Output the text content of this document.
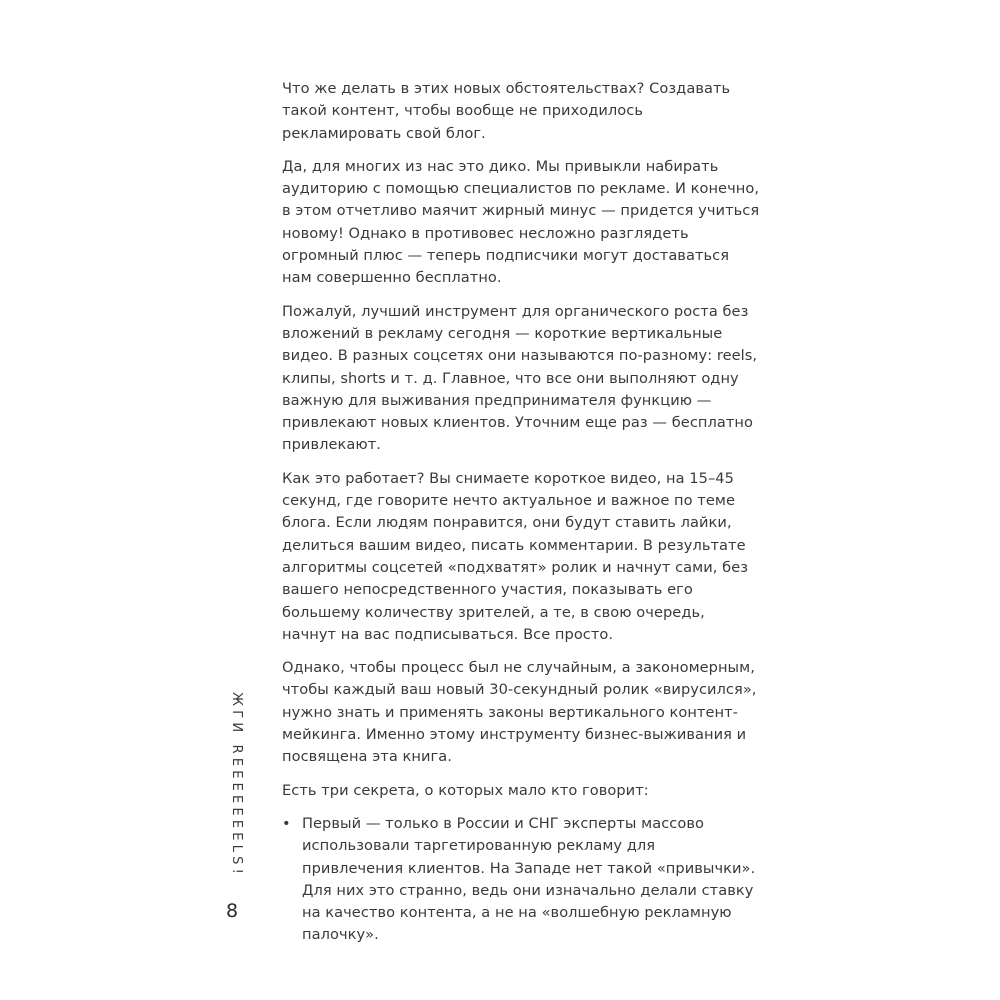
Что же делать в этих новых обстоятельствах? Создавать такой контент, чтобы вообще не приходилось рекламировать свой блог.

Да, для многих из нас это дико. Мы привыкли набирать аудиторию с помощью специалистов по рекламе. И конечно, в этом отчетливо маячит жирный минус — придется учиться новому! Однако в противовес несложно разглядеть огромный плюс — теперь подписчики могут доставаться нам совершенно бесплатно.

Пожалуй, лучший инструмент для органического роста без вложений в рекламу сегодня — короткие вертикальные видео. В разных соцсетях они называются по-разному: reels, клипы, shorts и т. д. Главное, что все они выполняют одну важную для выживания предпринимателя функцию — привлекают новых клиентов. Уточним еще раз — бесплатно привлекают.

Как это работает? Вы снимаете короткое видео, на 15–45 секунд, где говорите нечто актуальное и важное по теме блога. Если людям понравится, они будут ставить лайки, делиться вашим видео, писать комментарии. В результате алгоритмы соцсетей «подхватят» ролик и начнут сами, без вашего непосредственного участия, показывать его большему количеству зрителей, а те, в свою очередь, начнут на вас подписываться. Все просто.

Однако, чтобы процесс был не случайным, а закономерным, чтобы каждый ваш новый 30-секундный ролик «вирусился», нужно знать и применять законы вертикального контент-мейкинга. Именно этому инструменту бизнес-выживания и посвящена эта книга.

Есть три секрета, о которых мало кто говорит:

• Первый — только в России и СНГ эксперты массово использовали таргетированную рекламу для привлечения клиентов. На Западе нет такой «привычки». Для них это странно, ведь они изначально делали ставку на качество контента, а не на «волшебную рекламную палочку».
ЖГИ REEEEEEELS!
8
